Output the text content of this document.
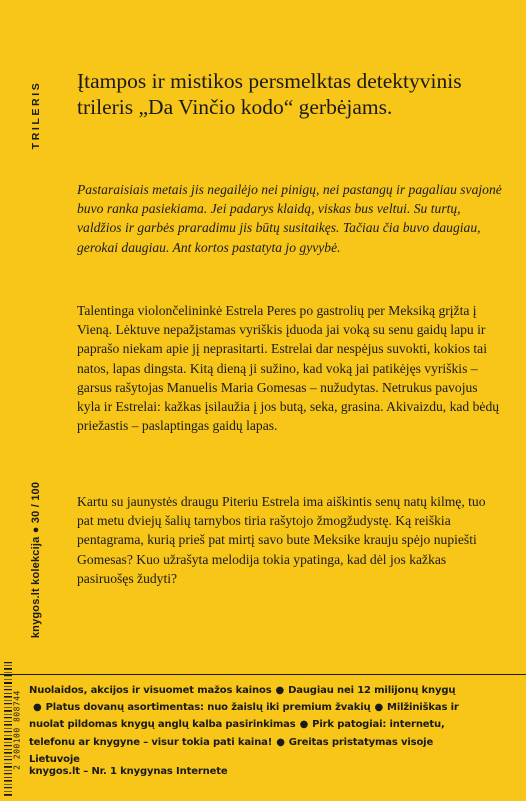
TRILERIS Įtampos ir mistikos persmelktas detektyvinis trileris „Da Vinčio kodo“ gerbėjams.

Pastaraisiais metais jis negailėjo nei pinigų, nei pastangų ir pagaliau svajonė buvo ranka pasiekiama. Jei padarys klaidą, viskas bus veltui. Su turtų, valdžios ir garbės praradimu jis būtų susitaikęs. Tačiau čia buvo daugiau, gerokai daugiau. Ant kortos pastatyta jo gyvybė.

Talentinga violončelininkė Estrela Peres po gastrolių per Meksiką grįžta į Vieną. Lėktuve nepažįstamas vyriškis įduoda jai voką su senu gaidų lapu ir paprašo niekam apie jį neprasitarti. Estrelai dar nespėjus suvokti, kokios tai natos, lapas dingsta. Kitą dieną ji sužino, kad voką jai patikėjęs vyriškis – garsus rašytojas Manuelis Maria Gomesas – nužudytas. Netrukus pavojus kyla ir Estrelai: kažkas įsilaužia į jos butą, seka, grasina. Akivaizdu, kad bėdų priežastis – paslaptingas gaidų lapas.

Kartu su jaunystės draugu Piteriu Estrela ima aiškintis senų natų kilmę, tuo pat metu dviejų šalių tarnybos tiria rašytojo žmogžudystę. Ką reiškia pentagrama, kurią prieš pat mirtį savo bute Meksike krauju spėjo nupiešti Gomesas? Kuo užrašyta melodija tokia ypatinga, kad dėl jos kažkas pasiruošęs žudyti?

knygos.lt kolekcija ● 30 / 100

Nuolaidos, akcijos ir visuomet mažos kainos ● Daugiau nei 12 milijonų knygų● Platus dovanų asortimentas: nuo žaislų iki premium žvakių ● Milžiniškas ir nuolat pildomas knygų anglų kalba pasirinkimas ● Pirk patogiai: internetu, telefonu ar knygyne – visur tokia pati kaina! ● Greitas pristatymas visoje Lietuvoje

knygos.lt – Nr. 1 knygynas Internete
2 200100 808744
